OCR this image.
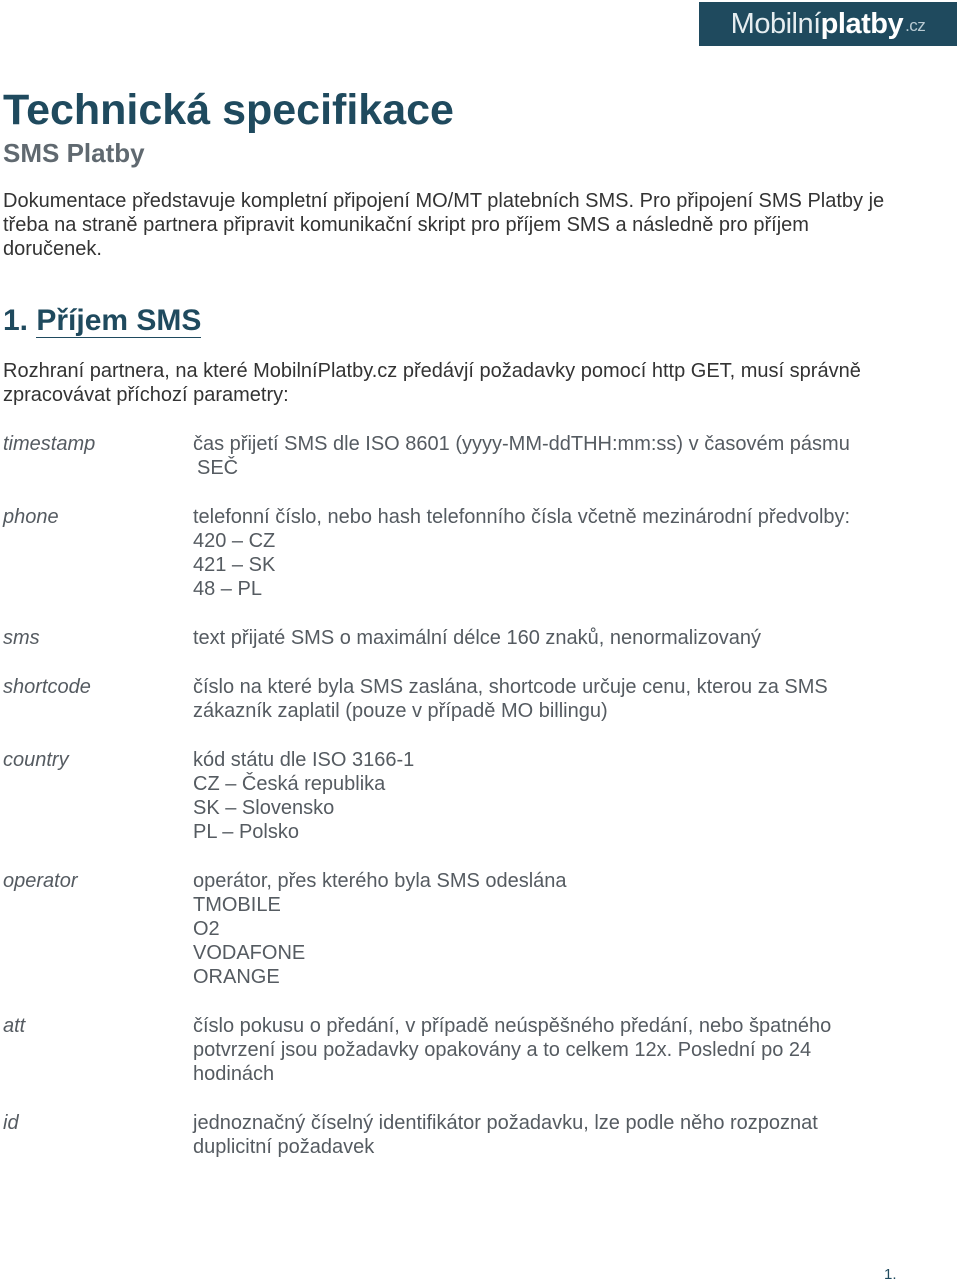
Mobilní platby .cz
Technická specifikace
SMS Platby

Dokumentace představuje kompletní připojení MO/MT platebních SMS. Pro připojení SMS Platby je třeba na straně partnera připravit komunikační skript pro příjem SMS a následně pro příjem doručenek.

1. Příjem SMS

Rozhraní partnera, na které MobilníPlatby.cz předávjí požadavky pomocí http GET, musí správně zpracovávat příchozí parametry:

timestamp	čas přijetí SMS dle ISO 8601 (yyyy-MM-ddTHH:mm:ss) v časovém pásmu
SEČ
phone	telefonní číslo, nebo hash telefonního čísla včetně mezinárodní předvolby:
420 – CZ
421 – SK
48 – PL
sms	text přijaté SMS o maximální délce 160 znaků, nenormalizovaný
shortcode	číslo na které byla SMS zaslána, shortcode určuje cenu, kterou za SMS
zákazník zaplatil (pouze v případě MO billingu)
country	kód státu dle ISO 3166-1
CZ – Česká republika
SK – Slovensko
PL – Polsko
operator	operátor, přes kterého byla SMS odeslána
TMOBILE
O2
VODAFONE
ORANGE
att	číslo pokusu o předání, v případě neúspěšného předání, nebo špatného
potvrzení jsou požadavky opakovány a to celkem 12x. Poslední po 24
hodinách
id	jednoznačný číselný identifikátor požadavku, lze podle něho rozpoznat
duplicitní požadavek
1.
